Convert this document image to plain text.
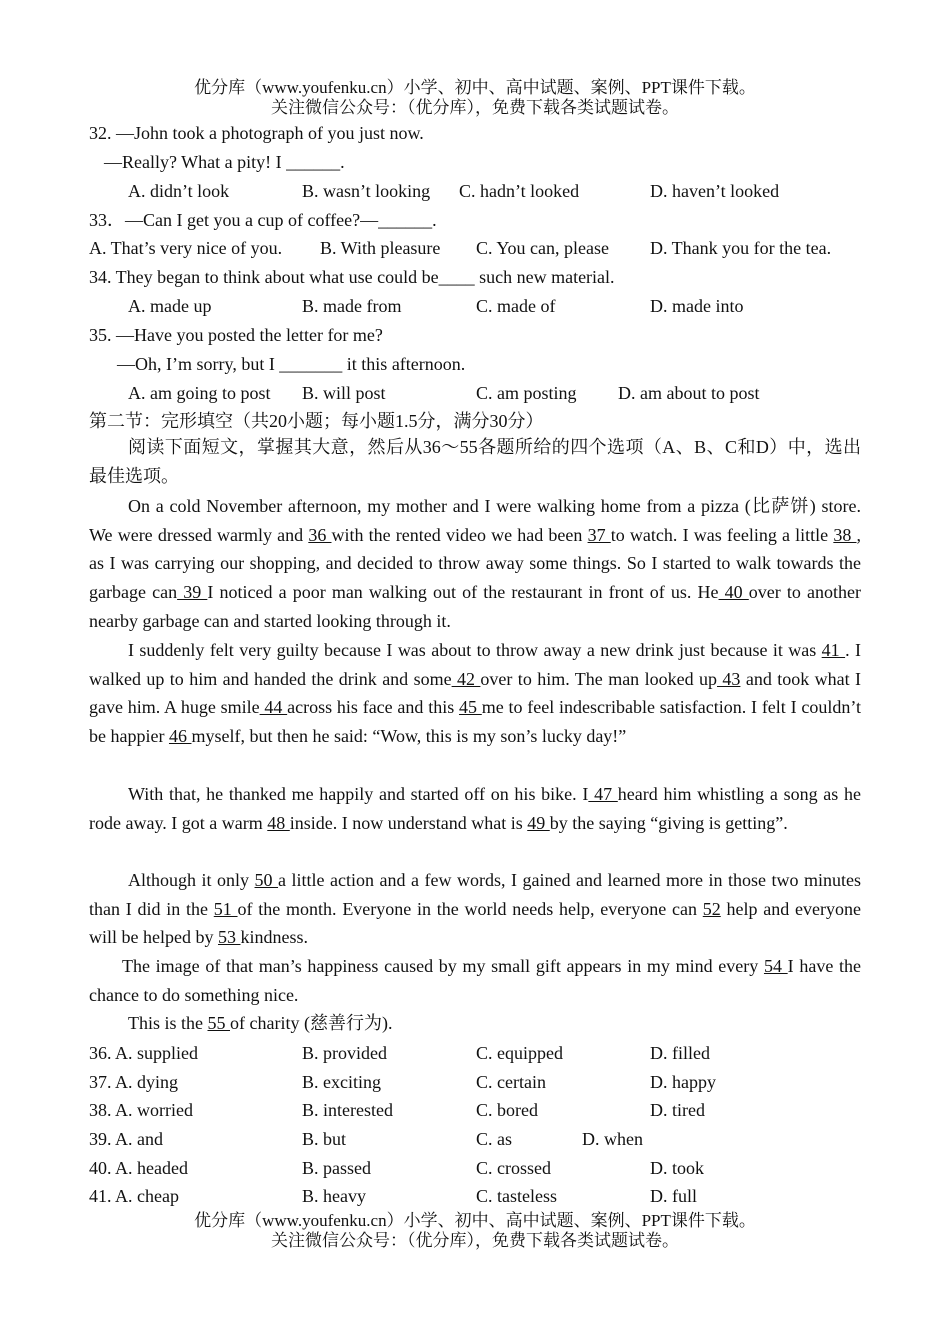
优分库（www.youfenku.cn）小学、初中、高中试题、案例、PPT课件下载。
关注微信公众号：（优分库），免费下载各类试题试卷。
32. —John took a photograph of you just now.
—Really? What a pity! I ______.
A. didn’t look	B. wasn’t looking C. hadn’t looked	D. haven’t looked
33．—Can I get you a cup of coffee?—______.
A. That’s very nice of you. B. With pleasure C. You can, please D. Thank you for the tea.
34. They began to think about what use could be____ such new material.
A. made up	B. made from	C. made of	D. made into
35. —Have you posted the letter for me?
—Oh, I’m sorry, but I _______ it this afternoon.
A. am going to post B. will post	C. am posting D. am about to post
第二节：完形填空（共20小题；每小题1.5分，满分30分）
阅读下面短文，掌握其大意，然后从36～55各题所给的四个选项（A、B、C和D）中，选出最佳选项。
On a cold November afternoon, my mother and I were walking home from a pizza (比萨饼) store. We were dressed warmly and 36 with the rented video we had been 37 to watch. I was feeling a little 38 , as I was carrying our shopping, and decided to throw away some things. So I started to walk towards the garbage can 39 I noticed a poor man walking out of the restaurant in front of us. He 40 over to another nearby garbage can and started looking through it.
I suddenly felt very guilty because I was about to throw away a new drink just because it was 41 . I walked up to him and handed the drink and some 42 over to him. The man looked up 43 and took what I gave him. A huge smile 44 across his face and this 45 me to feel indescribable satisfaction. I felt I couldn’t be happier 46 myself, but then he said: “Wow, this is my son’s lucky day!”
With that, he thanked me happily and started off on his bike. I 47 heard him whistling a song as he rode away. I got a warm 48 inside. I now understand what is 49 by the saying “giving is getting”.
Although it only 50 a little action and a few words, I gained and learned more in those two minutes than I did in the 51 of the month. Everyone in the world needs help, everyone can 52 help and everyone will be helped by 53 kindness.
The image of that man’s happiness caused by my small gift appears in my mind every 54 I have the chance to do something nice.
This is the 55 of charity (慈善行为).
36. A. supplied	B. provided	C. equipped	D. filled
37. A. dying	B. exciting	C. certain	D. happy
38. A. worried	B. interested	C. bored	D. tired
39. A. and	B. but	C. as	D. when
40. A. headed	B. passed	C. crossed	D. took
41. A. cheap	B. heavy	C. tasteless	D. full
优分库（www.youfenku.cn）小学、初中、高中试题、案例、PPT课件下载。
关注微信公众号：（优分库），免费下载各类试题试卷。
